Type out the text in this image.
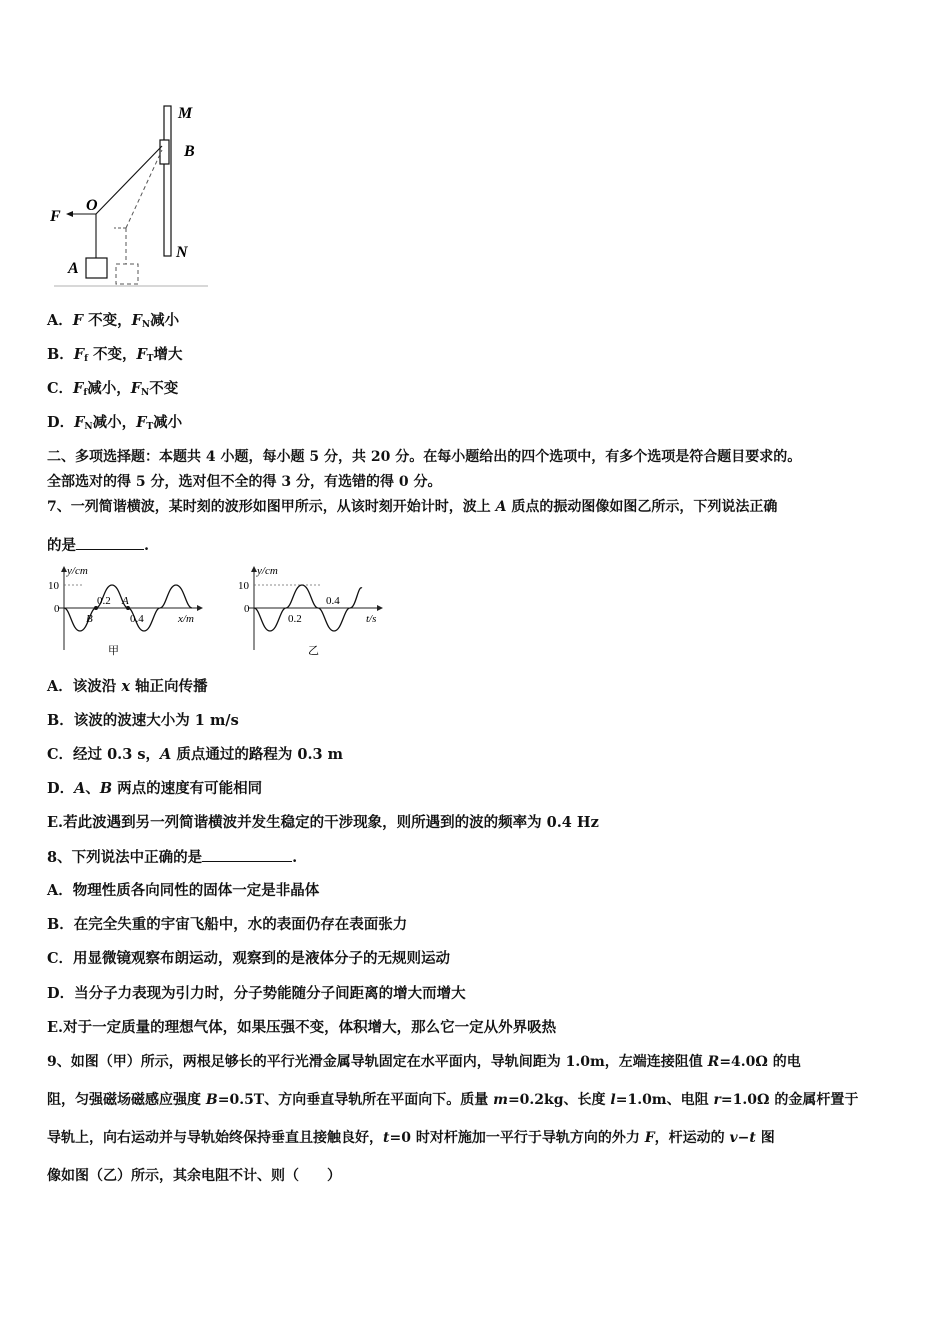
M
B
O
F
A
N
A．F 不变，$F_N$减小
B．$F_f$ 不变，$F_T$增大
C．$F_f$减小，$F_N$不变
D．$F_N$减小，$F_T$减小
二、多项选择题：本题共 4 小题，每小题 5 分，共 20 分。在每小题给出的四个选项中，有多个选项是符合题目要求的。
全部选对的得 5 分，选对但不全的得 3 分，有选错的得 0 分。
7、一列简谐横波，某时刻的波形如图甲所示，从该时刻开始计时，波上 A 质点的振动图像如图乙所示，下列说法正确
的是	.
y/cm
10
0
0.2 A
B	0.4	x/m
甲
y/cm
10
0
0.4
0.2	t/s
乙
A．该波沿 x 轴正向传播
B．该波的波速大小为 1 m/s
C．经过 0.3 s，A 质点通过的路程为 0.3 m
D．A、B 两点的速度有可能相同
E.若此波遇到另一列简谐横波并发生稳定的干涉现象，则所遇到的波的频率为 0.4 Hz
8、下列说法中正确的是	.
A．物理性质各向同性的固体一定是非晶体
B．在完全失重的宇宙飞船中，水的表面仍存在表面张力
C．用显微镜观察布朗运动，观察到的是液体分子的无规则运动
D．当分子力表现为引力时，分子势能随分子间距离的增大而增大
E.对于一定质量的理想气体，如果压强不变，体积增大，那么它一定从外界吸热
9、如图（甲）所示，两根足够长的平行光滑金属导轨固定在水平面内，导轨间距为 1.0m，左端连接阻值 R=4.0Ω 的电
阻，匀强磁场磁感应强度 B=0.5T、方向垂直导轨所在平面向下。质量 m=0.2kg、长度 l=1.0m、电阻 r=1.0Ω 的金属杆置于
导轨上，向右运动并与导轨始终保持垂直且接触良好，t=0 时对杆施加一平行于导轨方向的外力 F，杆运动的 v−t 图
像如图（乙）所示，其余电阻不计、则（　　）
